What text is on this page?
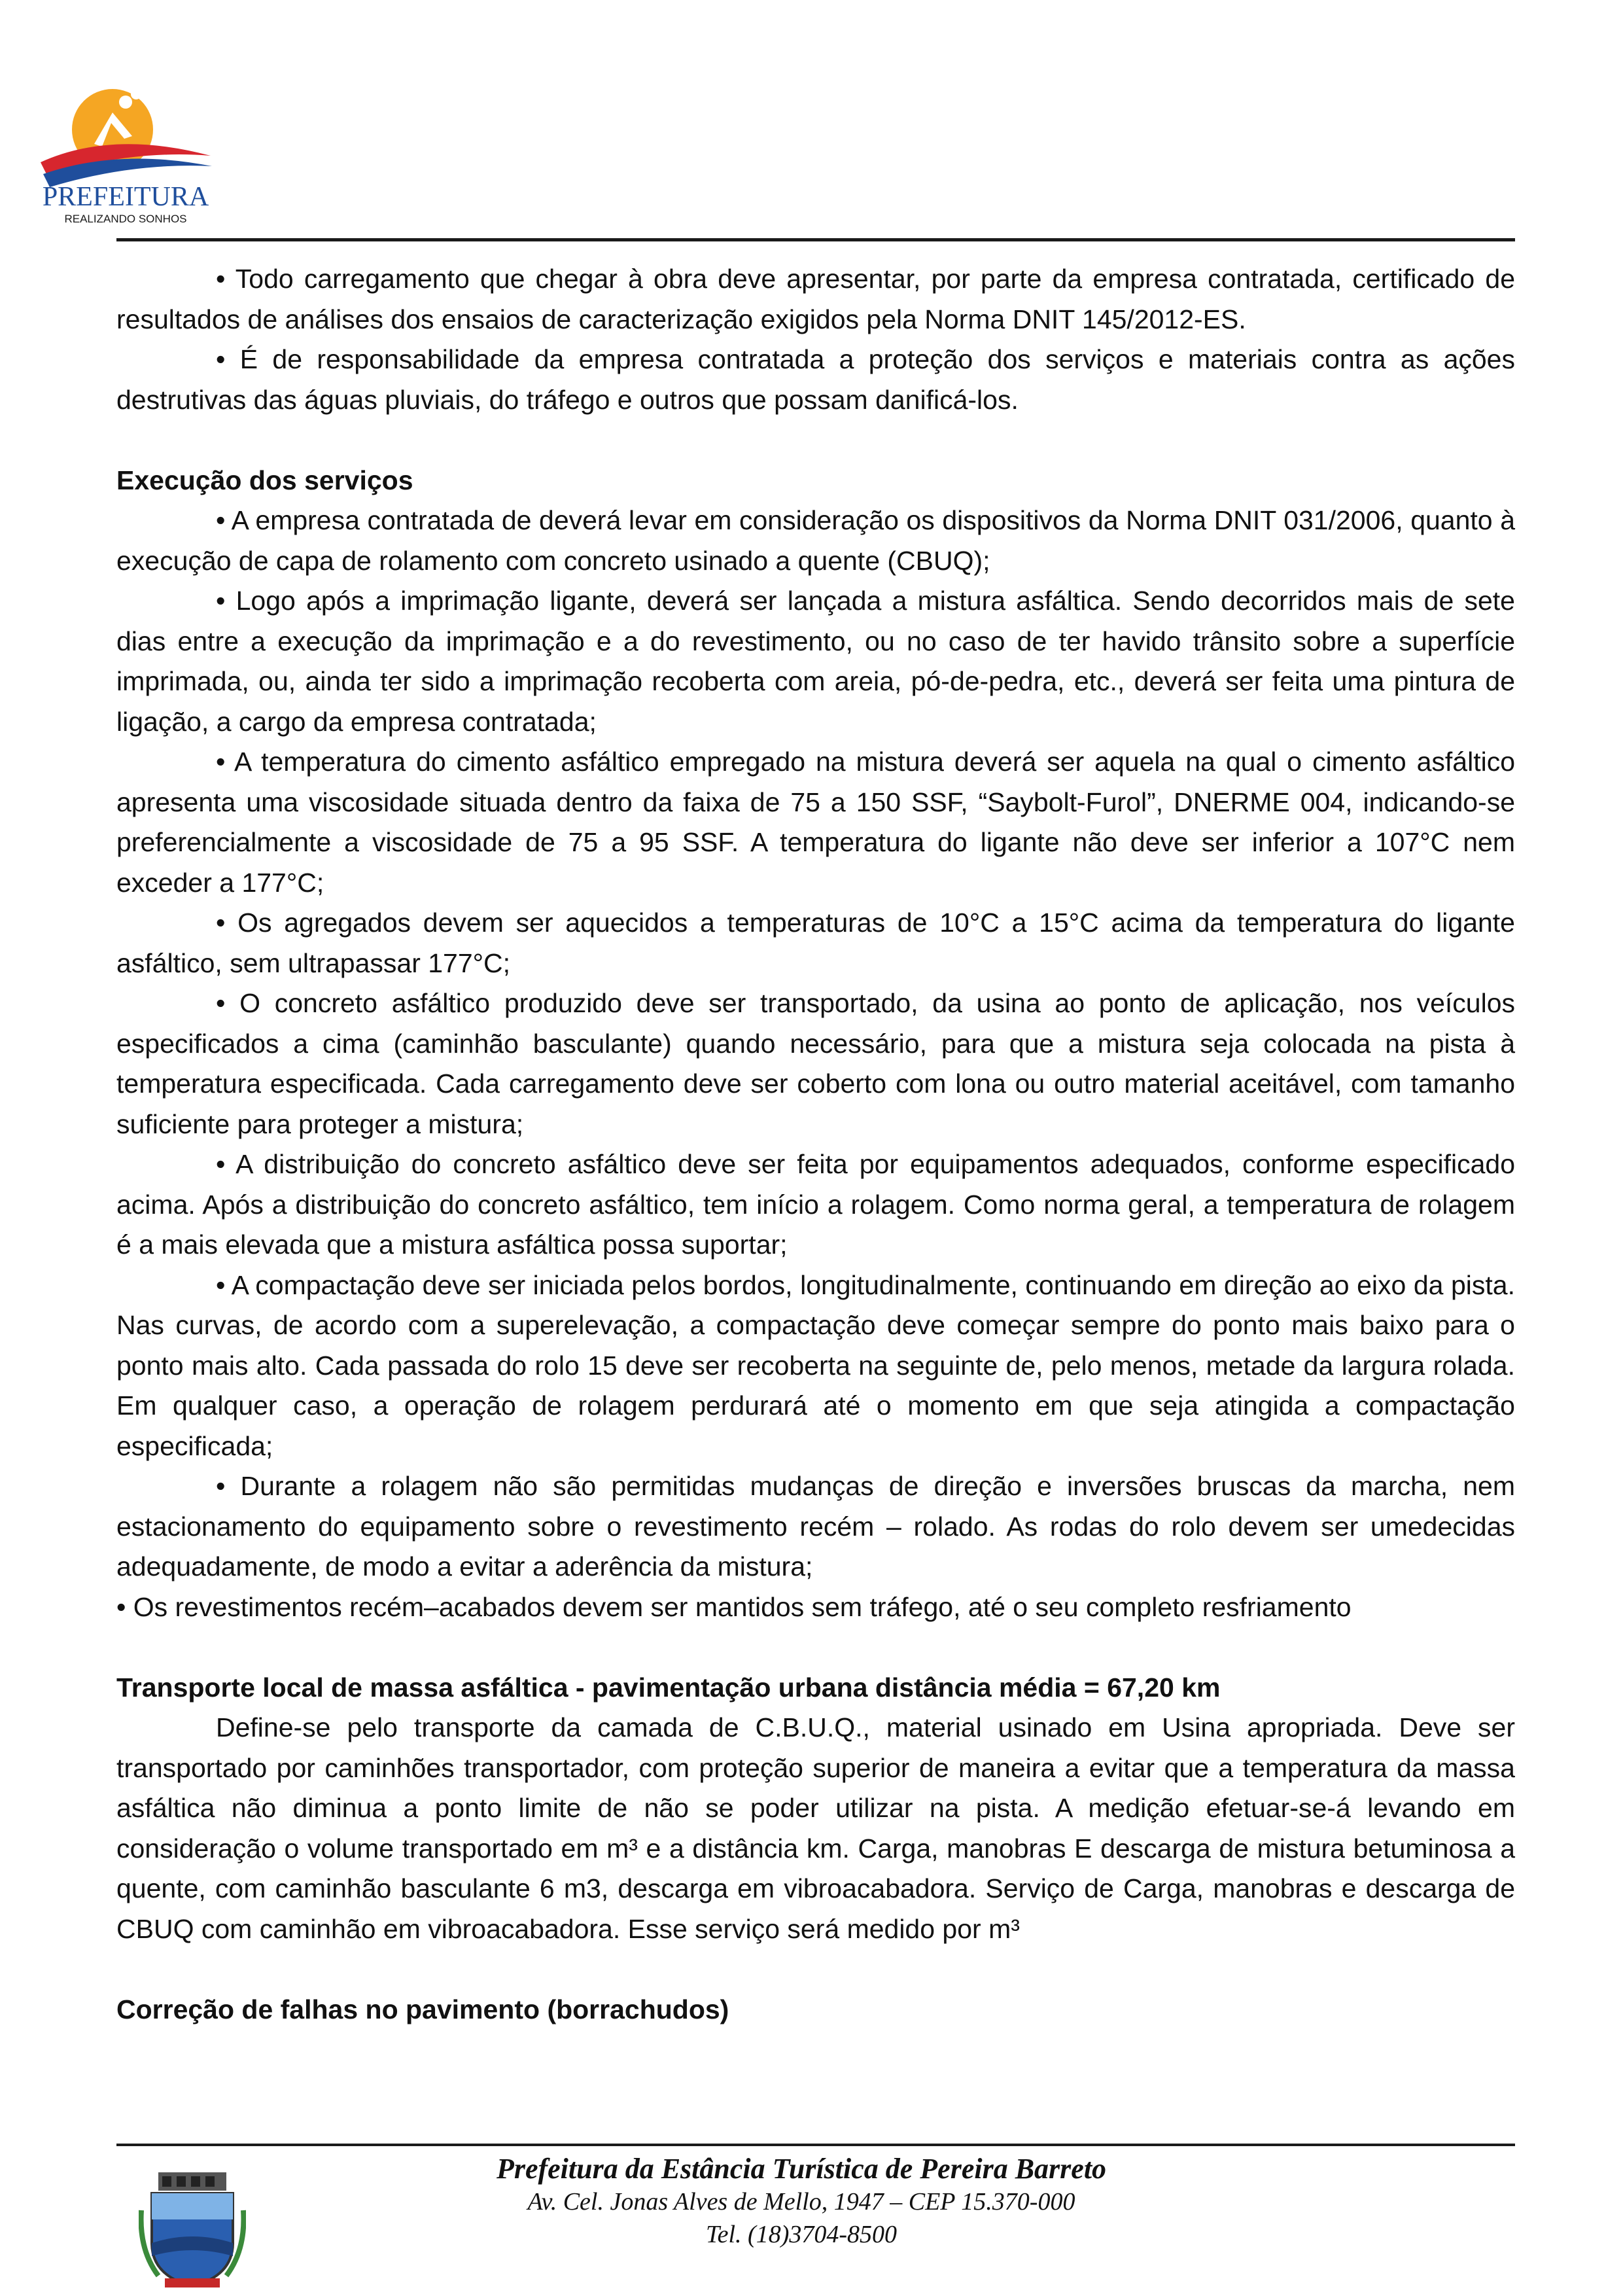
PREFEITURA
REALIZANDO SONHOS

• Todo carregamento que chegar à obra deve apresentar, por parte da empresa contratada, certificado de resultados de análises dos ensaios de caracterização exigidos pela Norma DNIT 145/2012-ES.

• É de responsabilidade da empresa contratada a proteção dos serviços e materiais contra as ações destrutivas das águas pluviais, do tráfego e outros que possam danificá-los.

Execução dos serviços

• A empresa contratada de deverá levar em consideração os dispositivos da Norma DNIT 031/2006, quanto à execução de capa de rolamento com concreto usinado a quente (CBUQ);

• Logo após a imprimação ligante, deverá ser lançada a mistura asfáltica. Sendo decorridos mais de sete dias entre a execução da imprimação e a do revestimento, ou no caso de ter havido trânsito sobre a superfície imprimada, ou, ainda ter sido a imprimação recoberta com areia, pó-de-pedra, etc., deverá ser feita uma pintura de ligação, a cargo da empresa contratada;

• A temperatura do cimento asfáltico empregado na mistura deverá ser aquela na qual o cimento asfáltico apresenta uma viscosidade situada dentro da faixa de 75 a 150 SSF, “Saybolt-Furol”, DNERME 004, indicando-se preferencialmente a viscosidade de 75 a 95 SSF. A temperatura do ligante não deve ser inferior a 107°C nem exceder a 177°C;

• Os agregados devem ser aquecidos a temperaturas de 10°C a 15°C acima da temperatura do ligante asfáltico, sem ultrapassar 177°C;

• O concreto asfáltico produzido deve ser transportado, da usina ao ponto de aplicação, nos veículos especificados a cima (caminhão basculante) quando necessário, para que a mistura seja colocada na pista à temperatura especificada. Cada carregamento deve ser coberto com lona ou outro material aceitável, com tamanho suficiente para proteger a mistura;

• A distribuição do concreto asfáltico deve ser feita por equipamentos adequados, conforme especificado acima. Após a distribuição do concreto asfáltico, tem início a rolagem. Como norma geral, a temperatura de rolagem é a mais elevada que a mistura asfáltica possa suportar;

• A compactação deve ser iniciada pelos bordos, longitudinalmente, continuando em direção ao eixo da pista. Nas curvas, de acordo com a superelevação, a compactação deve começar sempre do ponto mais baixo para o ponto mais alto. Cada passada do rolo 15 deve ser recoberta na seguinte de, pelo menos, metade da largura rolada. Em qualquer caso, a operação de rolagem perdurará até o momento em que seja atingida a compactação especificada;

• Durante a rolagem não são permitidas mudanças de direção e inversões bruscas da marcha, nem estacionamento do equipamento sobre o revestimento recém – rolado. As rodas do rolo devem ser umedecidas adequadamente, de modo a evitar a aderência da mistura;

• Os revestimentos recém–acabados devem ser mantidos sem tráfego, até o seu completo resfriamento

Transporte local de massa asfáltica - pavimentação urbana distância média = 67,20 km

Define-se pelo transporte da camada de C.B.U.Q., material usinado em Usina apropriada. Deve ser transportado por caminhões transportador, com proteção superior de maneira a evitar que a temperatura da massa asfáltica não diminua a ponto limite de não se poder utilizar na pista. A medição efetuar-se-á levando em consideração o volume transportado em m³ e a distância km. Carga, manobras E descarga de mistura betuminosa a quente, com caminhão basculante 6 m3, descarga em vibroacabadora. Serviço de Carga, manobras e descarga de CBUQ com caminhão em vibroacabadora. Esse serviço será medido por m³

Correção de falhas no pavimento (borrachudos)
Prefeitura da Estância Turística de Pereira Barreto
Av. Cel. Jonas Alves de Mello, 1947 – CEP 15.370-000
Tel. (18)3704-8500
